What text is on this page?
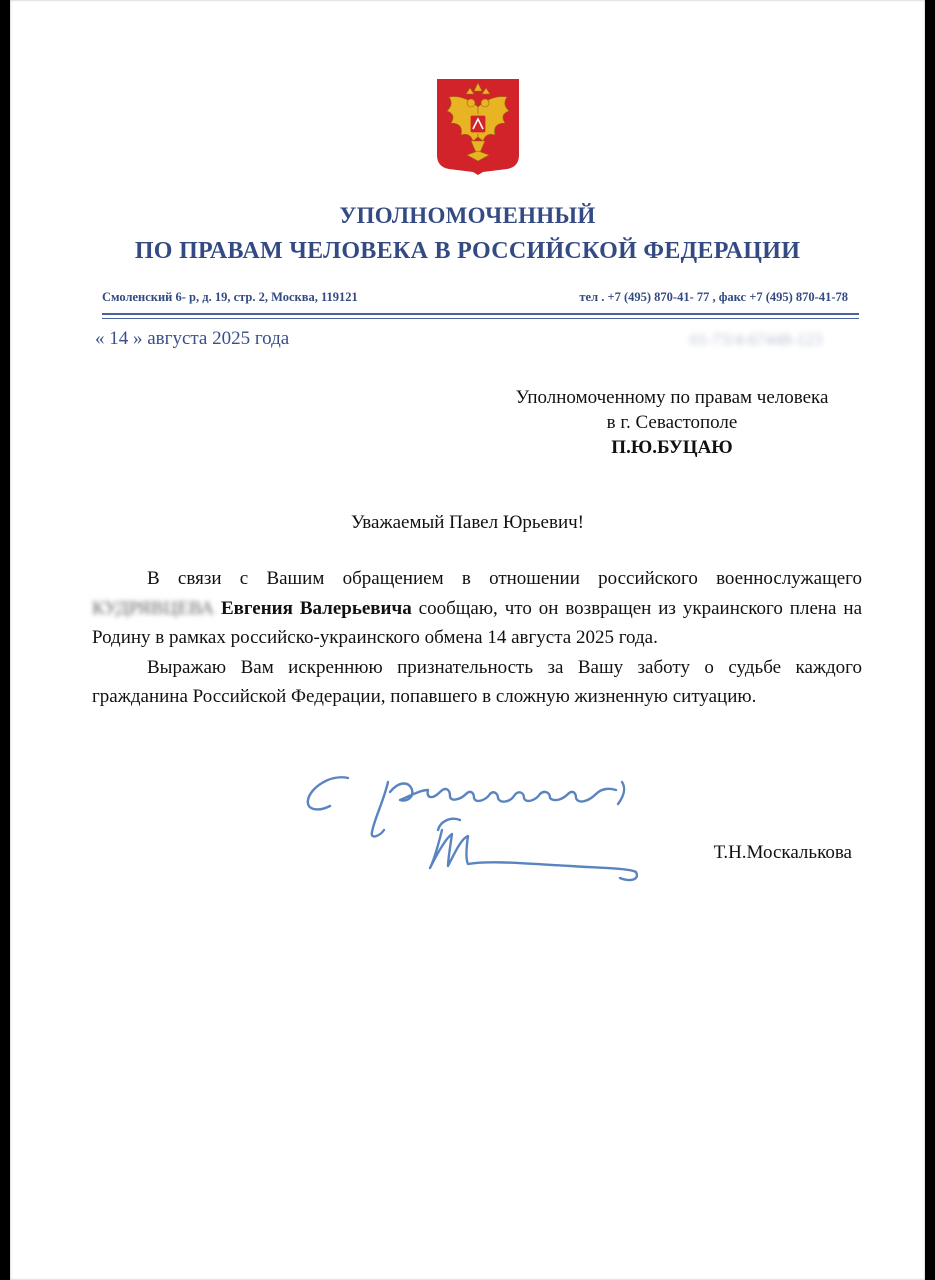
УПОЛНОМОЧЕННЫЙ
ПО ПРАВАМ ЧЕЛОВЕКА В РОССИЙСКОЙ ФЕДЕРАЦИИ
Смоленский 6- р, д. 19, стр. 2, Москва, 119121	тел . +7 (495) 870-41- 77 , факс +7 (495) 870-41-78
« 14 » августа 2025 года	01-73/4-67448-123
Уполномоченному по правам человека
в г. Севастополе
П.Ю.БУЦАЮ
Уважаемый Павел Юрьевич!

В связи с Вашим обращением в отношении российского военнослужащего КУДРЯВЦЕВА Евгения Валерьевича сообщаю, что он возвращен из украинского плена на Родину в рамках российско-украинского обмена 14 августа 2025 года.

Выражаю Вам искреннюю признательность за Вашу заботу о судьбе каждого гражданина Российской Федерации, попавшего в сложную жизненную ситуацию.

Т.Н.Москалькова
